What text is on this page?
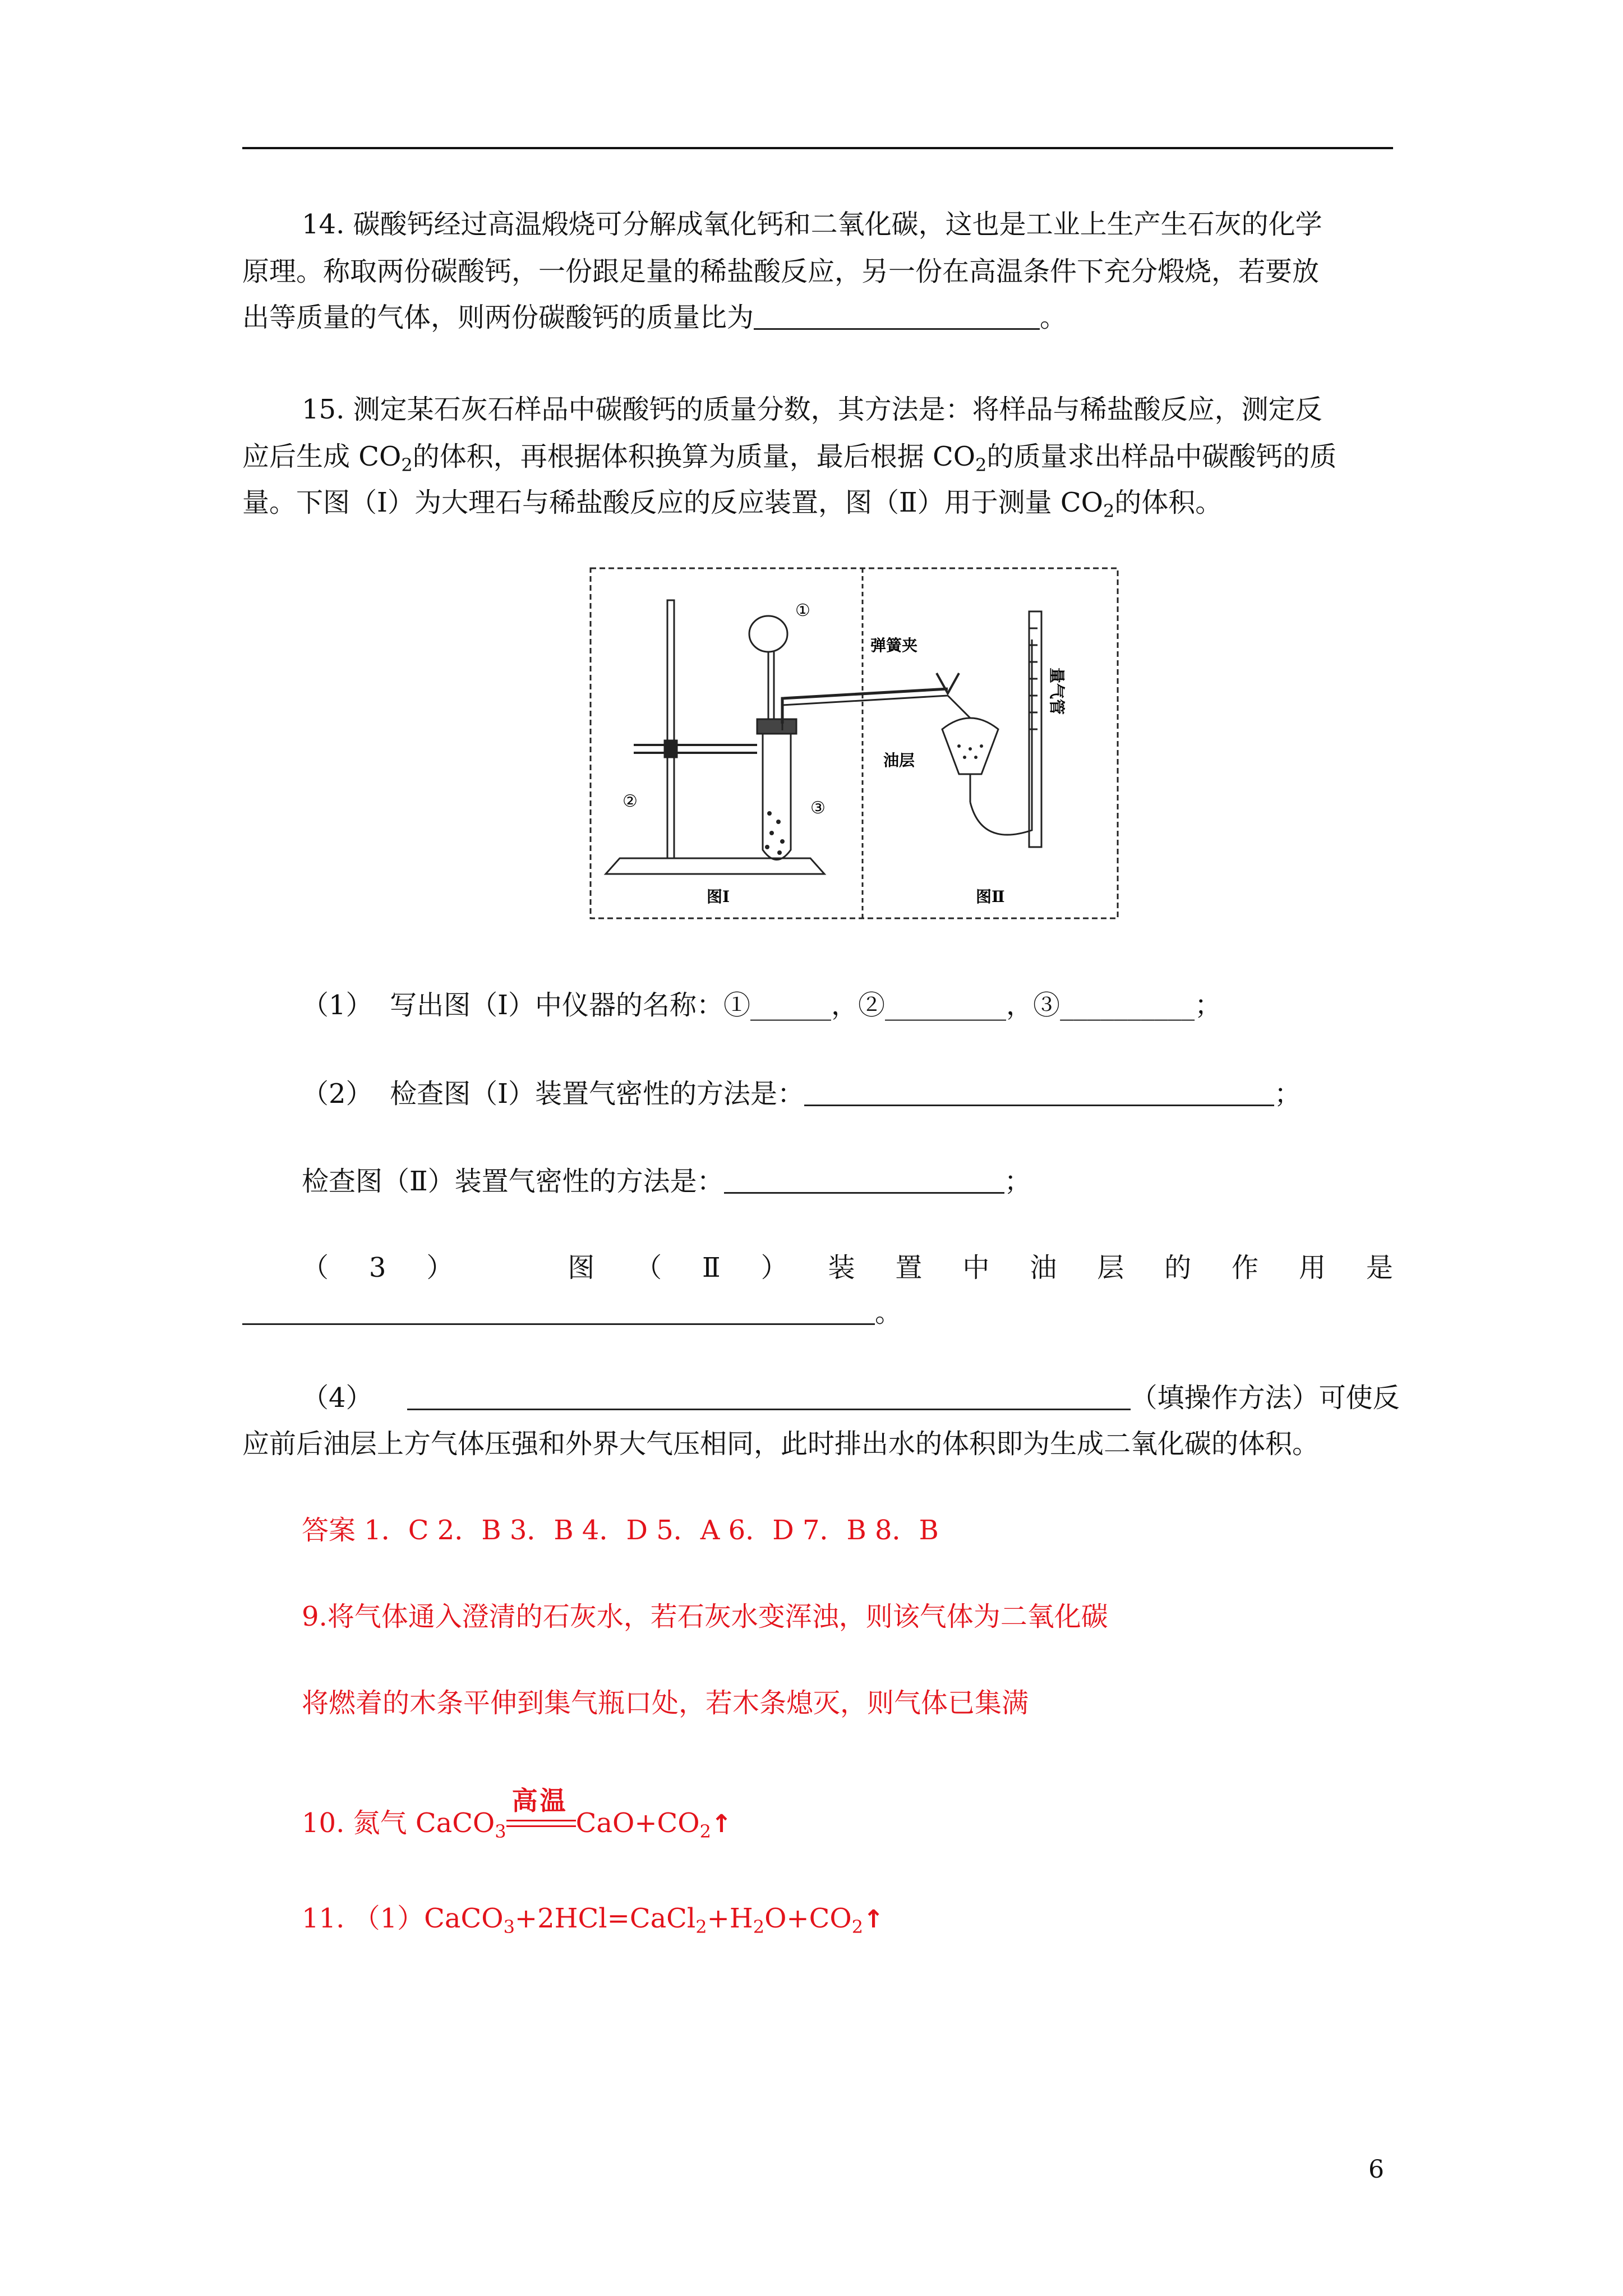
14. 碳酸钙经过高温煅烧可分解成氧化钙和二氧化碳，这也是工业上生产生石灰的化学
原理。称取两份碳酸钙，一份跟足量的稀盐酸反应，另一份在高温条件下充分煅烧，若要放
出等质量的气体，则两份碳酸钙的质量比为	。
15. 测定某石灰石样品中碳酸钙的质量分数，其方法是：将样品与稀盐酸反应，测定反
应后生成 $CO_2$的体积，再根据体积换算为质量，最后根据 $CO_2$的质量求出样品中碳酸钙的质
量。下图（Ⅰ）为大理石与稀盐酸反应的反应装置，图（Ⅱ）用于测量 $CO_2$的体积。
①
②	③
弹簧夹
油层
量气管
图Ⅰ	图Ⅱ
（1） 写出图（Ⅰ）中仪器的名称：①______，②_________，③__________；
（2） 检查图（Ⅰ）装置气密性的方法是：	；
检查图（Ⅱ）装置气密性的方法是：	；
（ 3 ）	图 （ Ⅱ ） 装 置 中 油 层 的 作 用 是
。
（4）	（填操作方法）可使反
应前后油层上方气体压强和外界大气压相同，此时排出水的体积即为生成二氧化碳的体积。
答案 1．C 2．B 3．B 4．D 5．A 6．D 7．B 8．B
9.将气体通入澄清的石灰水，若石灰水变浑浊，则该气体为二氧化碳
将燃着的木条平伸到集气瓶口处，若木条熄灭，则气体已集满
10. 氮气 CaCO$_3$
高温
$CaO+CO_2↑$
11. $(1)CaCO_3+2HCl=CaCl_2+H_2O+CO_2↑$
6
